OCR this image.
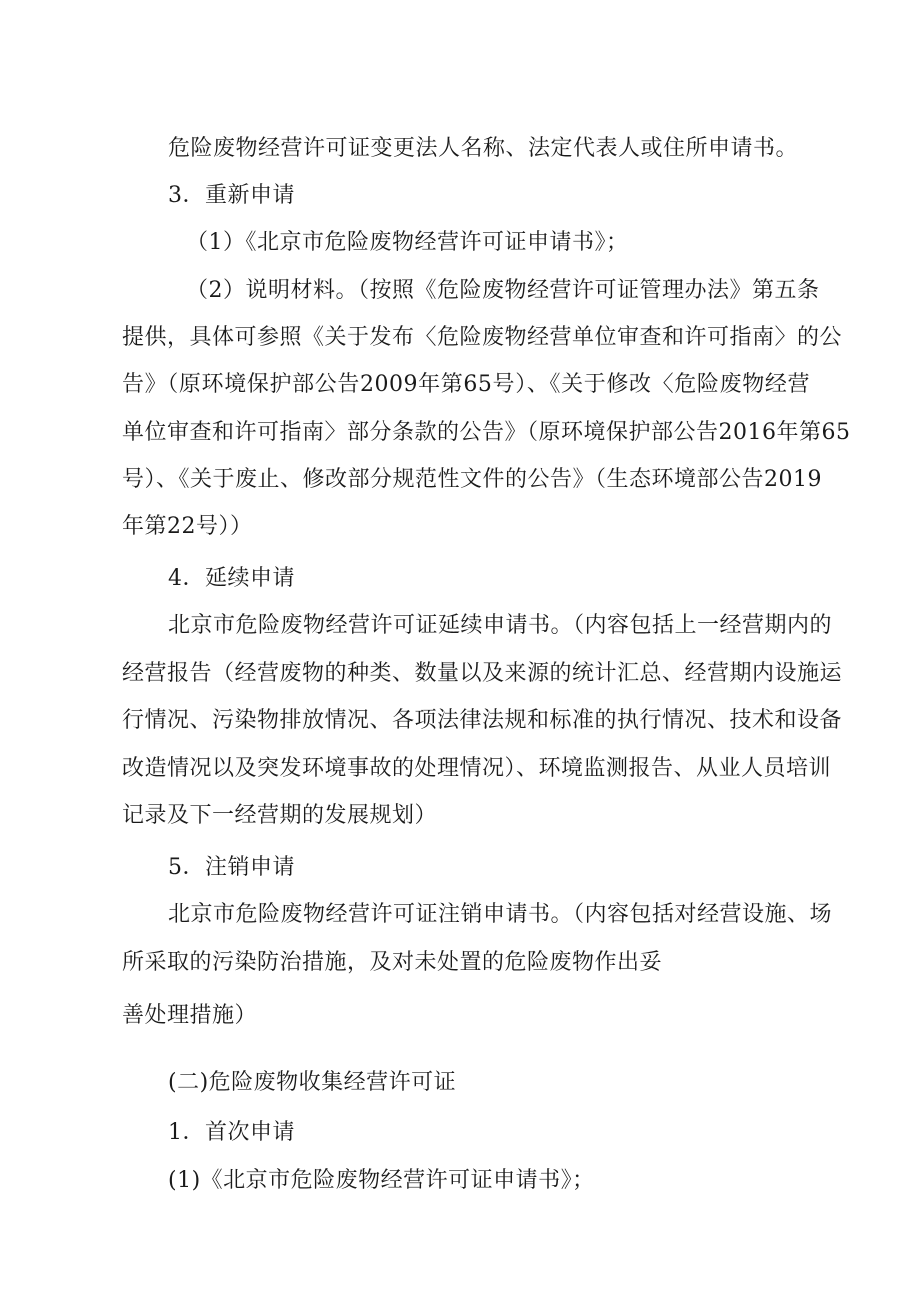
危险废物经营许可证变更法人名称、法定代表人或住所申请书。
3．重新申请
（1）《北京市危险废物经营许可证申请书》；
（2）说明材料。（按照《危险废物经营许可证管理办法》第五条
提供，具体可参照《关于发布〈危险废物经营单位审查和许可指南〉的公
告》（原环境保护部公告2009年第65号）、《关于修改〈危险废物经营
单位审查和许可指南〉部分条款的公告》（原环境保护部公告2016年第65
号）、《关于废止、修改部分规范性文件的公告》（生态环境部公告2019
年第22号））
4．延续申请
北京市危险废物经营许可证延续申请书。（内容包括上一经营期内的
经营报告（经营废物的种类、数量以及来源的统计汇总、经营期内设施运
行情况、污染物排放情况、各项法律法规和标准的执行情况、技术和设备
改造情况以及突发环境事故的处理情况）、环境监测报告、从业人员培训
记录及下一经营期的发展规划）
5．注销申请
北京市危险废物经营许可证注销申请书。（内容包括对经营设施、场
所采取的污染防治措施，及对未处置的危险废物作出妥
善处理措施）
(二)危险废物收集经营许可证
1．首次申请
(1)《北京市危险废物经营许可证申请书》；
